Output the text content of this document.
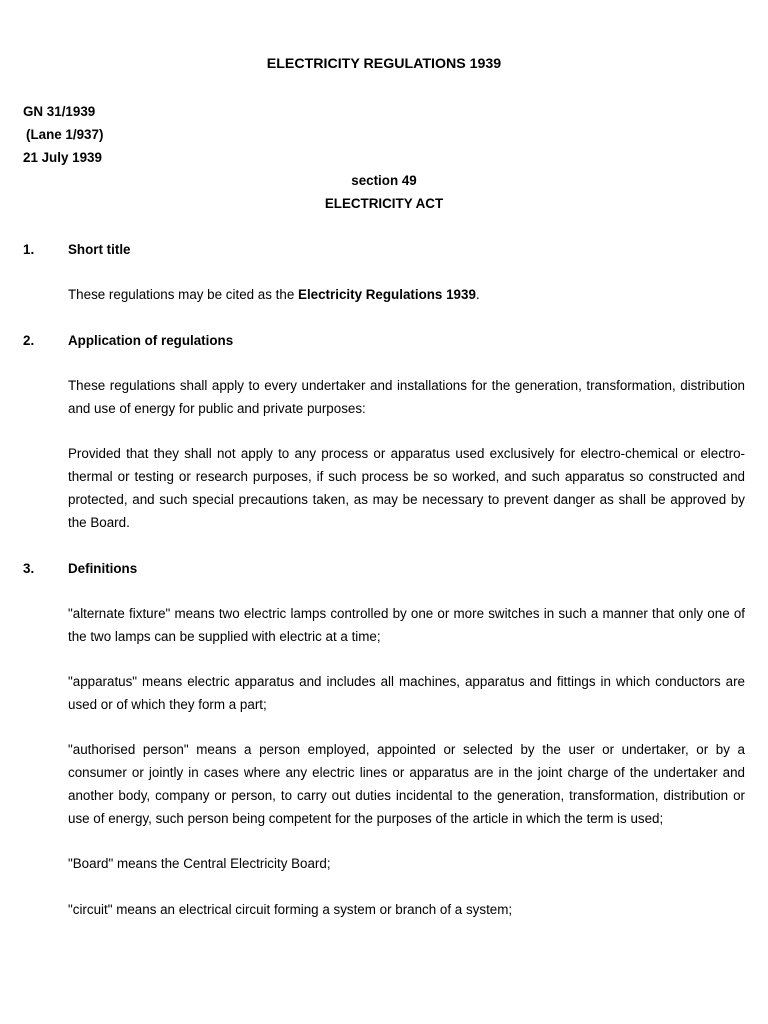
ELECTRICITY REGULATIONS 1939
GN 31/1939
(Lane 1/937)
21 July 1939
section 49
ELECTRICITY ACT
1.	Short title
These regulations may be cited as the Electricity Regulations 1939.
2.	Application of regulations
These regulations shall apply to every undertaker and installations for the generation, transformation, distribution and use of energy for public and private purposes:
Provided that they shall not apply to any process or apparatus used exclusively for electro-chemical or electro-thermal or testing or research purposes, if such process be so worked, and such apparatus so constructed and protected, and such special precautions taken, as may be necessary to prevent danger as shall be approved by the Board.
3.	Definitions
"alternate fixture" means two electric lamps controlled by one or more switches in such a manner that only one of the two lamps can be supplied with electric at a time;
"apparatus" means electric apparatus and includes all machines, apparatus and fittings in which conductors are used or of which they form a part;
"authorised person" means a person employed, appointed or selected by the user or undertaker, or by a consumer or jointly in cases where any electric lines or apparatus are in the joint charge of the undertaker and another body, company or person, to carry out duties incidental to the generation, transformation, distribution or use of energy, such person being competent for the purposes of the article in which the term is used;
"Board" means the Central Electricity Board;
"circuit" means an electrical circuit forming a system or branch of a system;
